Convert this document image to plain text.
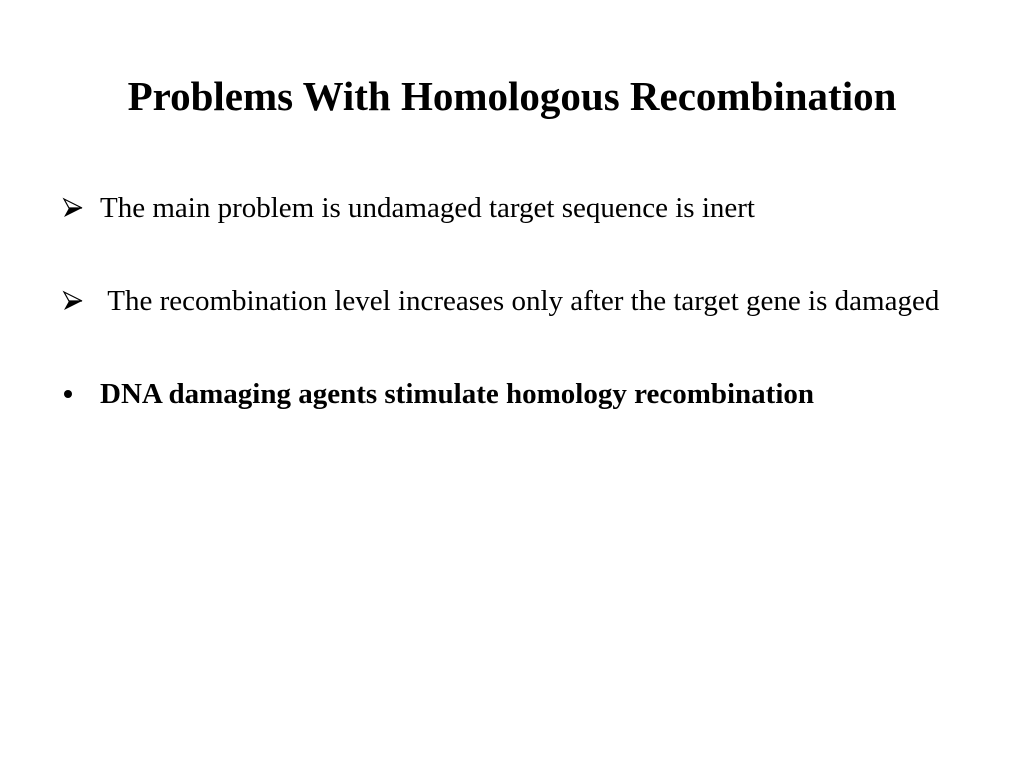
Problems With Homologous Recombination
The main problem is undamaged target sequence is inert
The recombination level increases only after the target gene is damaged
DNA damaging agents stimulate homology recombination
